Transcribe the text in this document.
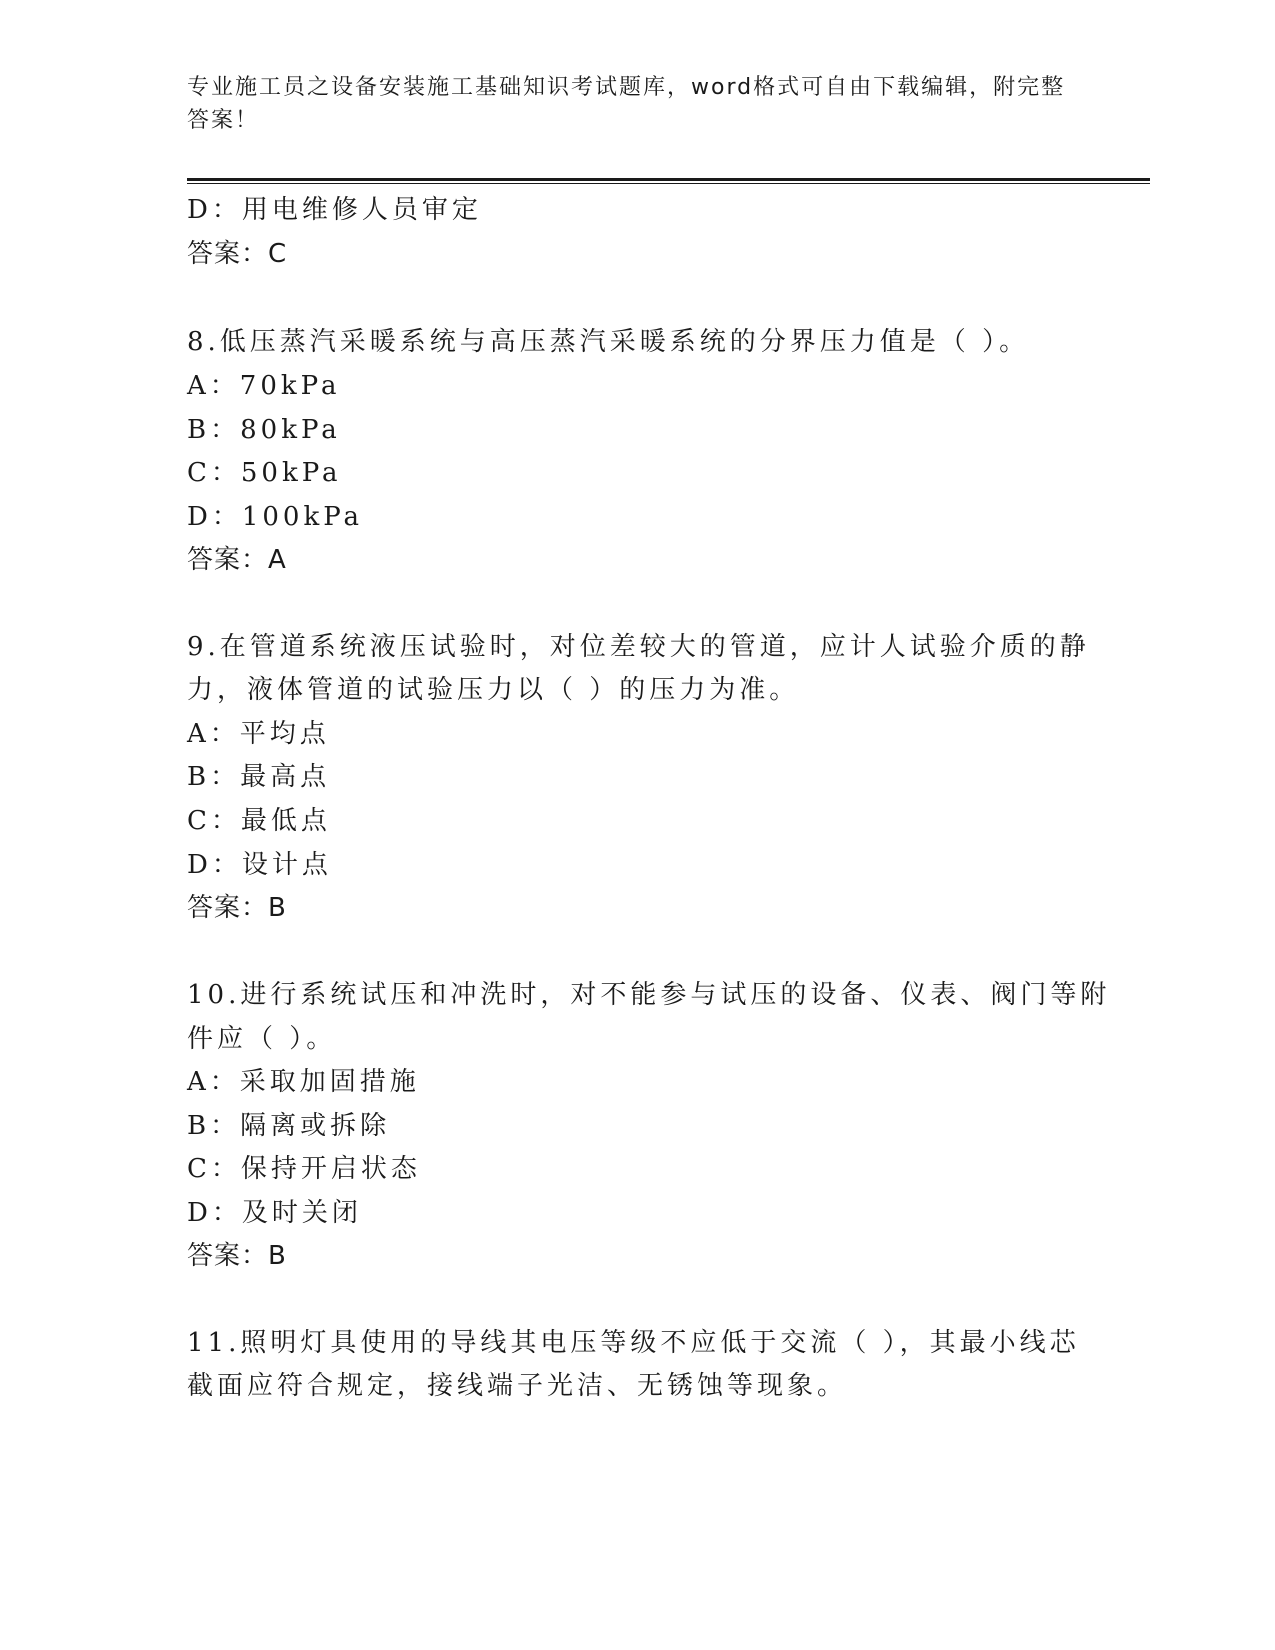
专业施工员之设备安装施工基础知识考试题库，word格式可自由下载编辑，附完整答案！
D：用电维修人员审定
答案：C
8.低压蒸汽采暖系统与高压蒸汽采暖系统的分界压力值是（ ）。
A：70kPa
B：80kPa
C：50kPa
D：100kPa
答案：A
9.在管道系统液压试验时，对位差较大的管道，应计人试验介质的静
力，液体管道的试验压力以（ ）的压力为准。
A：平均点
B：最高点
C：最低点
D：设计点
答案：B
10.进行系统试压和冲洗时，对不能参与试压的设备、仪表、阀门等附
件应（ ）。
A：采取加固措施
B：隔离或拆除
C：保持开启状态
D：及时关闭
答案：B
11.照明灯具使用的导线其电压等级不应低于交流（ ），其最小线芯
截面应符合规定，接线端子光洁、无锈蚀等现象。
